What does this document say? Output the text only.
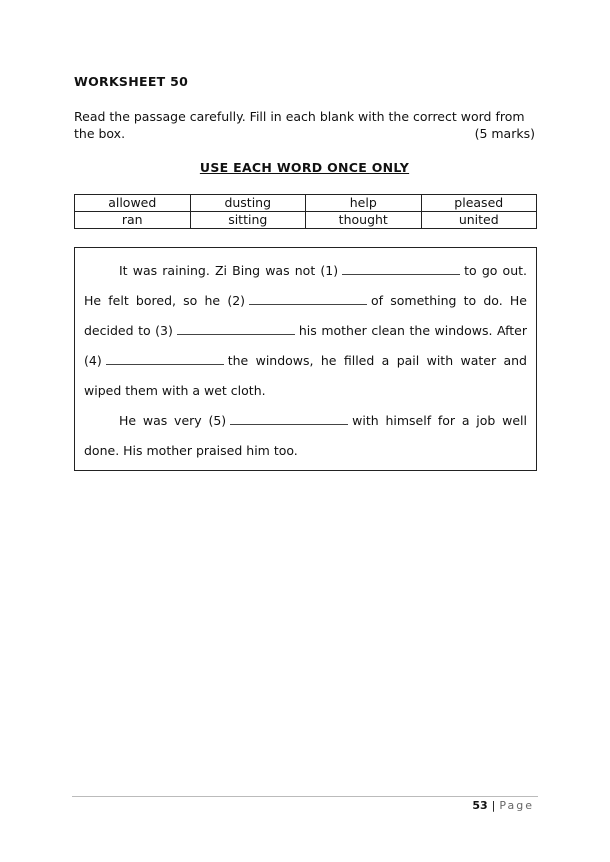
WORKSHEET 50
Read the passage carefully. Fill in each blank with the correct word from the box.	(5 marks)
USE EACH WORD ONCE ONLY
allowed	dusting	help	pleased
ran	sitting	thought	united

It was raining. Zi Bing was not (1)	to go out. He felt bored, so he (2)	of something to do. He decided to (3)	his mother clean the windows. After (4)	the windows, he filled a pail with water and wiped them with a wet cloth.

He was very (5)	with himself for a job well done. His mother praised him too.

53 | Page
